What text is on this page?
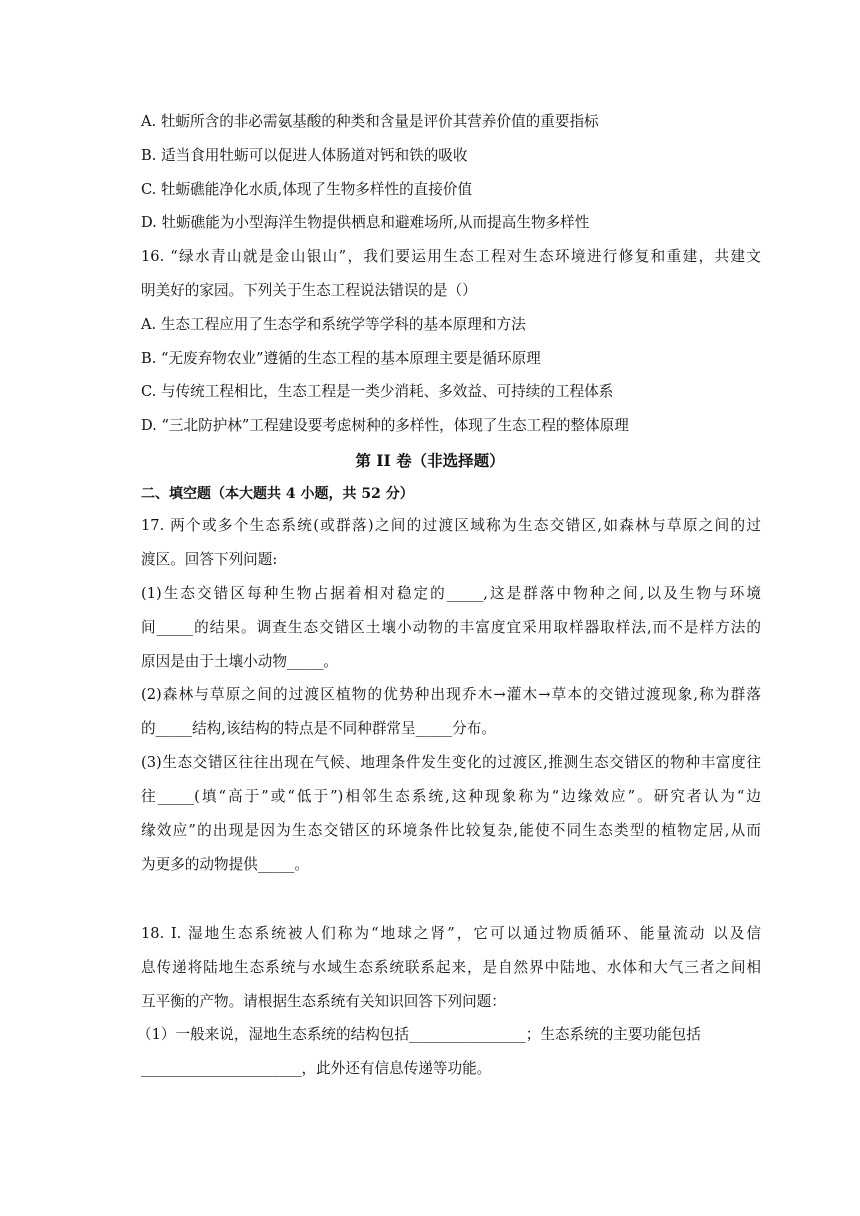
A. 牡蛎所含的非必需氨基酸的种类和含量是评价其营养价值的重要指标
B. 适当食用牡蛎可以促进人体肠道对钙和铁的吸收
C. 牡蛎礁能净化水质,体现了生物多样性的直接价值
D. 牡蛎礁能为小型海洋生物提供栖息和避难场所,从而提高生物多样性
16. “绿水青山就是金山银山”，我们要运用生态工程对生态环境进行修复和重建，共建文
明美好的家园。下列关于生态工程说法错误的是（）
A. 生态工程应用了生态学和系统学等学科的基本原理和方法
B. “无废弃物农业”遵循的生态工程的基本原理主要是循环原理
C. 与传统工程相比，生态工程是一类少消耗、多效益、可持续的工程体系
D. “三北防护林”工程建设要考虑树种的多样性，体现了生态工程的整体原理
第 II 卷（非选择题）
二、填空题（本大题共 4 小题，共 52 分）
17. 两个或多个生态系统(或群落)之间的过渡区域称为生态交错区,如森林与草原之间的过
渡区。回答下列问题:
(1)生态交错区每种生物占据着相对稳定的_____,这是群落中物种之间,以及生物与环境
间_____的结果。调查生态交错区土壤小动物的丰富度宜采用取样器取样法,而不是样方法的
原因是由于土壤小动物_____。
(2)森林与草原之间的过渡区植物的优势种出现乔木→灌木→草本的交错过渡现象,称为群落
的_____结构,该结构的特点是不同种群常呈_____分布。
(3)生态交错区往往出现在气候、地理条件发生变化的过渡区,推测生态交错区的物种丰富度往
往_____(填“高于”或“低于”)相邻生态系统,这种现象称为“边缘效应”。研究者认为“边
缘效应”的出现是因为生态交错区的环境条件比较复杂,能使不同生态类型的植物定居,从而
为更多的动物提供_____。
18. I. 湿地生态系统被人们称为“地球之肾”，它可以通过物质循环、能量流动 以及信
息传递将陆地生态系统与水域生态系统联系起来，是自然界中陆地、水体和大气三者之间相
互平衡的产物。请根据生态系统有关知识回答下列问题：
（1）一般来说，湿地生态系统的结构包括________________；生态系统的主要功能包括
______________________，此外还有信息传递等功能。
